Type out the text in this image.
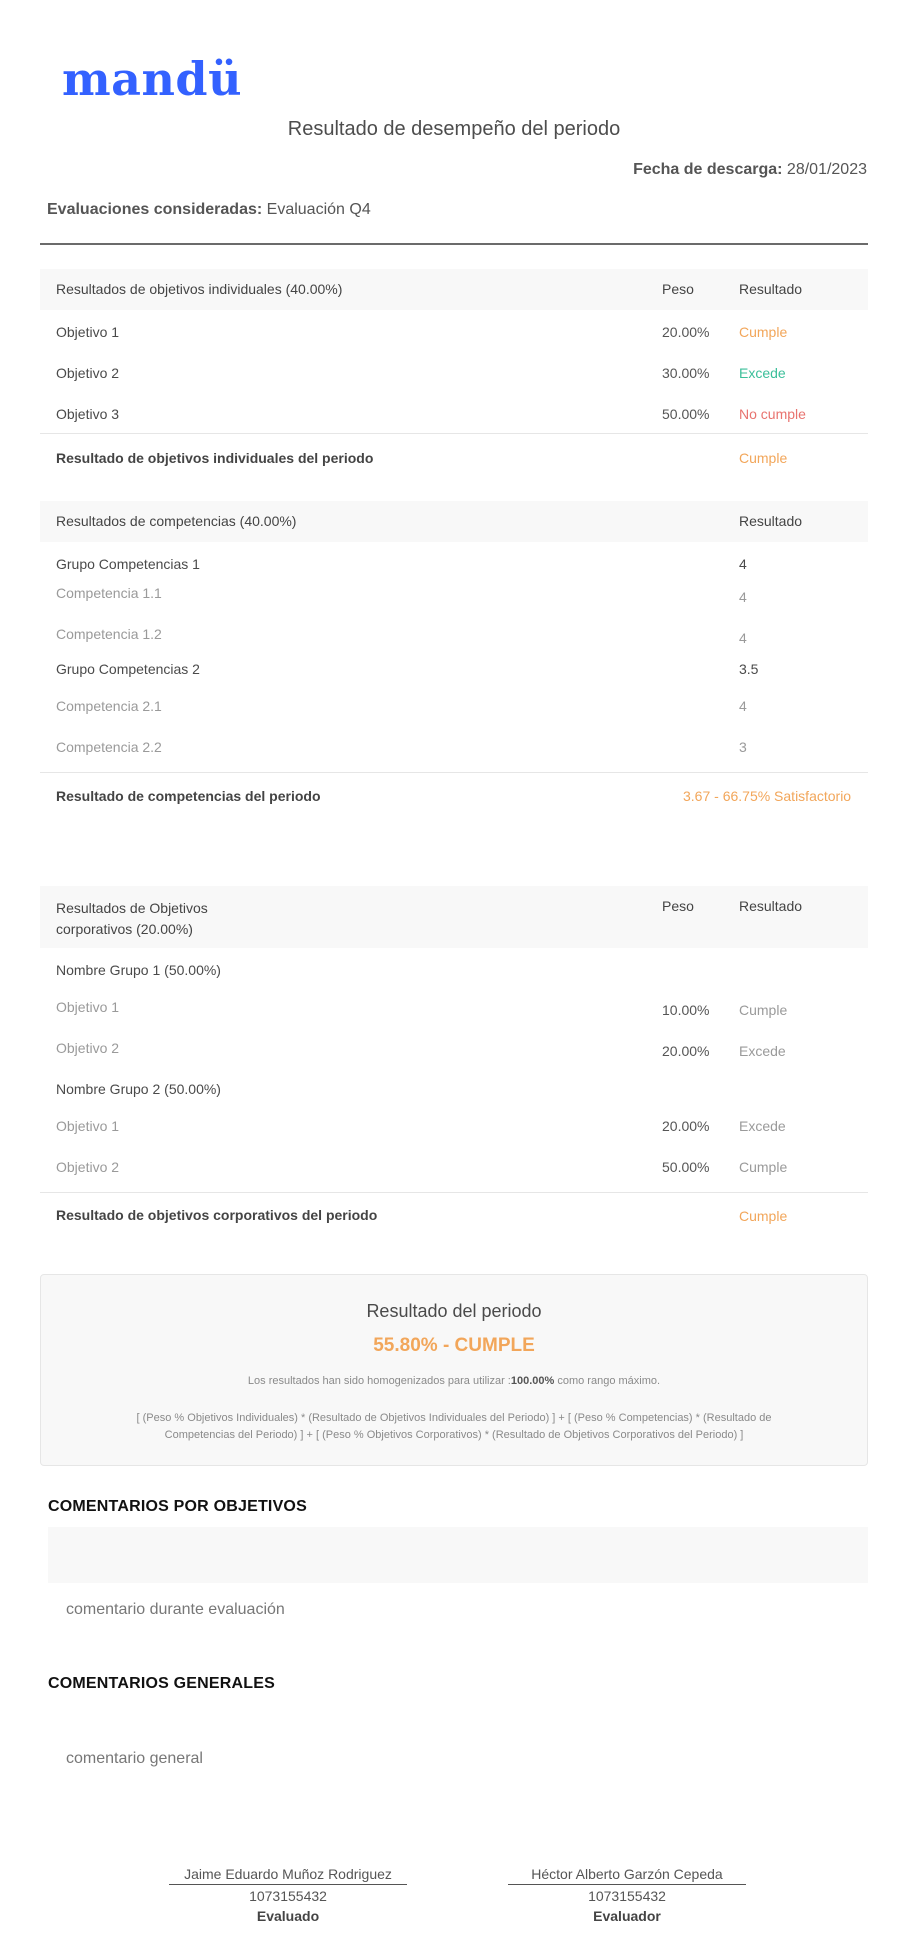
mandü
Resultado de desempeño del periodo
Fecha de descarga: 28/01/2023
Evaluaciones consideradas: Evaluación Q4
Resultados de objetivos individuales (40.00%)	Peso	Resultado
Objetivo 1	20.00% Cumple
Objetivo 2	30.00% Excede
Objetivo 3	50.00% No cumple
Resultado de objetivos individuales del periodo	Cumple
Resultados de competencias (40.00%)	Resultado
Grupo Competencias 1	4
Competencia 1.1	4
Competencia 1.2	4
Grupo Competencias 2	3.5
Competencia 2.1	4
Competencia 2.2	3
Resultado de competencias del periodo	3.67 - 66.75% Satisfactorio
Resultados de Objetivos
corporativos (20.00%)
Peso	Resultado
Nombre Grupo 1 (50.00%)
Objetivo 1	10.00% Cumple
Objetivo 2	20.00% Excede
Nombre Grupo 2 (50.00%)
Objetivo 1	20.00% Excede
Objetivo 2	50.00% Cumple
Resultado de objetivos corporativos del periodo	Cumple
Resultado del periodo
55.80% - CUMPLE
Los resultados han sido homogenizados para utilizar :100.00% como rango máximo.
[ (Peso % Objetivos Individuales) * (Resultado de Objetivos Individuales del Periodo) ] + [ (Peso % Competencias) * (Resultado de Competencias del Periodo) ] + [ (Peso % Objetivos Corporativos) * (Resultado de Objetivos Corporativos del Periodo) ]
COMENTARIOS POR OBJETIVOS
comentario durante evaluación
COMENTARIOS GENERALES
comentario general
Jaime Eduardo Muñoz Rodriguez
1073155432
Evaluado
Héctor Alberto Garzón Cepeda
1073155432
Evaluador
